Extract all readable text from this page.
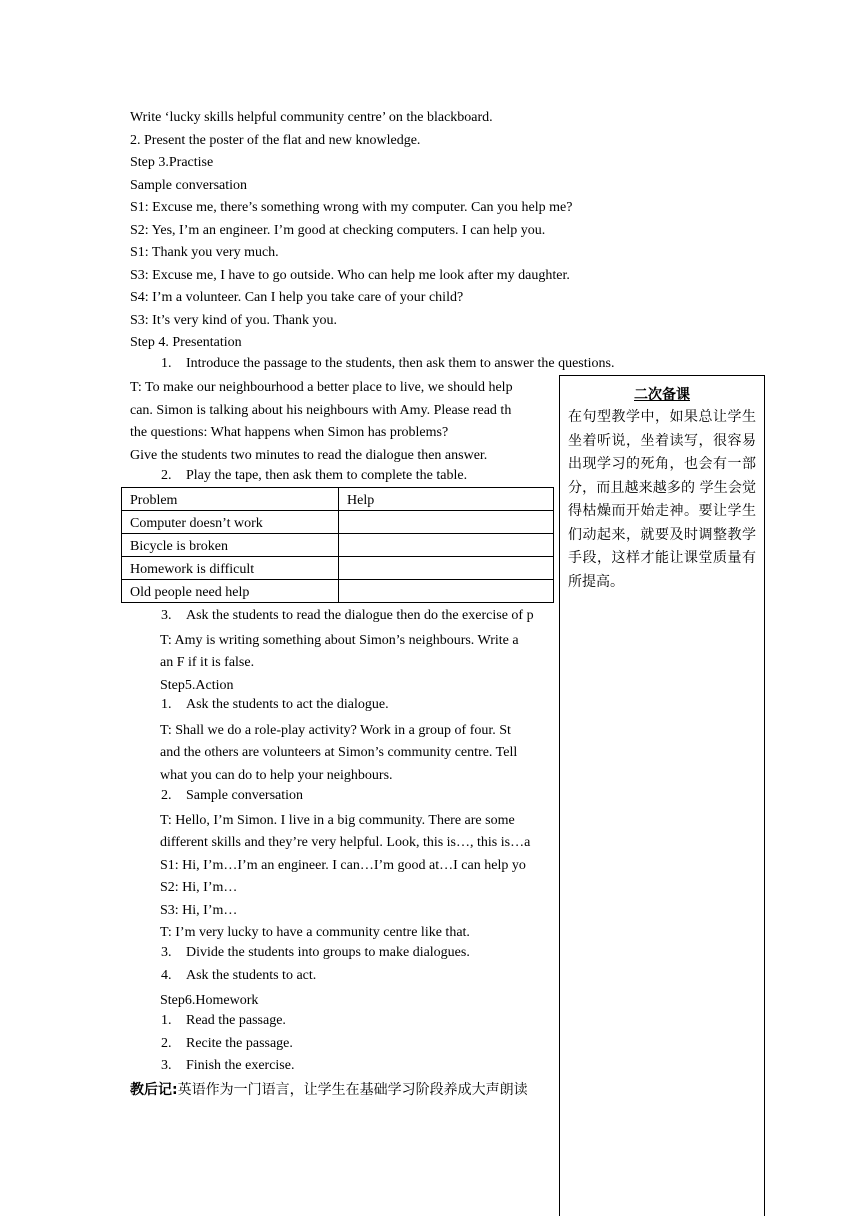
Write ‘lucky skills helpful community centre’ on the blackboard.
2. Present the poster of the flat and new knowledge.
Step 3.Practise
Sample conversation
S1: Excuse me, there’s something wrong with my computer. Can you help me?
S2: Yes, I’m an engineer. I’m good at checking computers. I can help you.
S1: Thank you very much.
S3: Excuse me, I have to go outside. Who can help me look after my daughter.
S4: I’m a volunteer. Can I help you take care of your child?
S3: It’s very kind of you. Thank you.
Step 4. Presentation
1. Introduce the passage to the students, then ask them to answer the questions.
T: To make our neighbourhood a better place to live, we should help
can. Simon is talking about his neighbours with Amy. Please read th
the questions: What happens when Simon has problems?
Give the students two minutes to read the dialogue then answer.
2. Play the tape, then ask them to complete the table.
Problem	Help
Computer doesn’t work
Bicycle is broken
Homework is difficult
Old people need help
3. Ask the students to read the dialogue then do the exercise of p
T: Amy is writing something about Simon’s neighbours. Write a
an F if it is false.
Step5.Action
1. Ask the students to act the dialogue.
T: Shall we do a role-play activity? Work in a group of four. St
and the others are volunteers at Simon’s community centre. Tell
what you can do to help your neighbours.
2. Sample conversation
T: Hello, I’m Simon. I live in a big community. There are some
different skills and they’re very helpful. Look, this is…, this is…a
S1: Hi, I’m…I’m an engineer. I can…I’m good at…I can help yo
S2: Hi, I’m…
S3: Hi, I’m…
T: I’m very lucky to have a community centre like that.
3. Divide the students into groups to make dialogues.
4. Ask the students to act.
Step6.Homework
1. Read the passage.
2. Recite the passage.
3. Finish the exercise.
教后记:英语作为一门语言，让学生在基础学习阶段养成大声朗读
二次备课
在句型教学中，如果总让学生坐着听说，坐着读写，很容易出现学习的死角，也会有一部分，而且越来越多的 学生会觉得枯燥而开始走神。要让学生们动起来，就要及时调整教学手段，这样才能让课堂质量有所提高。
